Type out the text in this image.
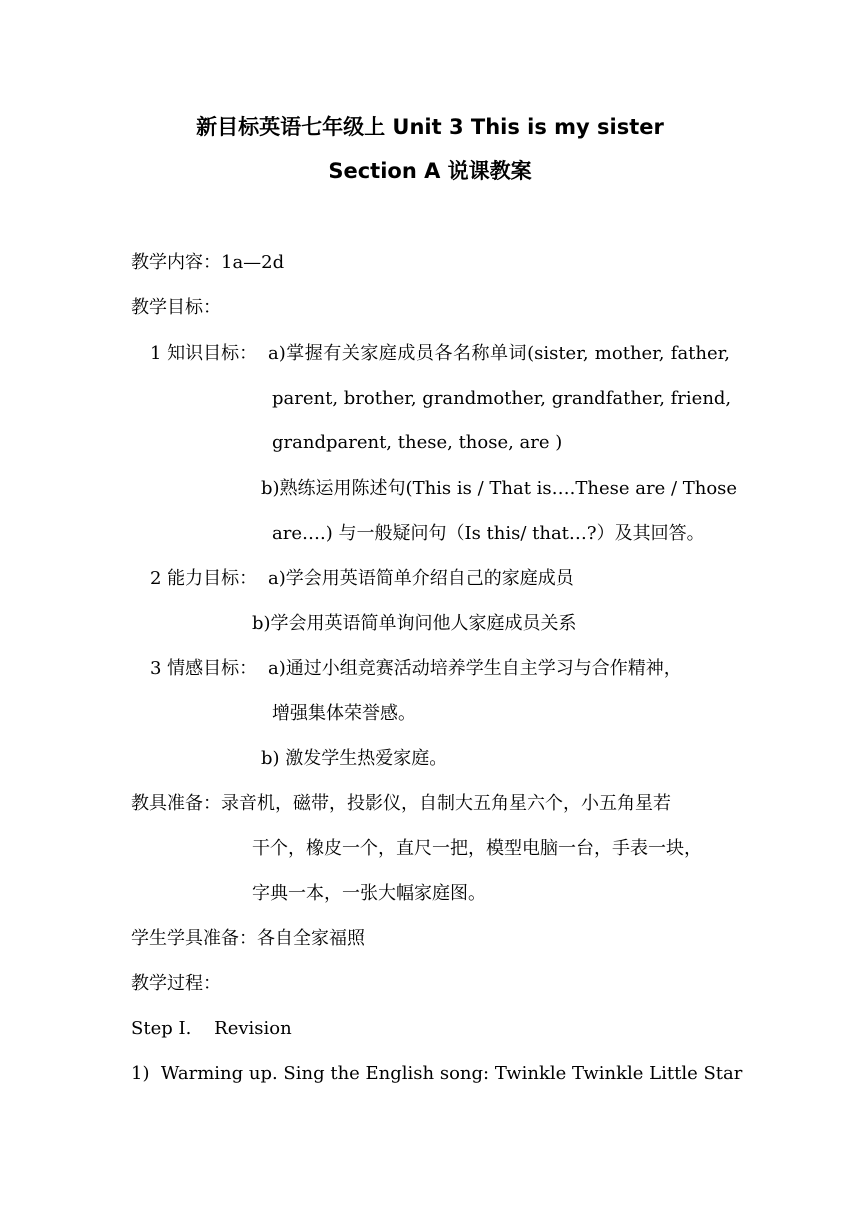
新目标英语七年级上 Unit 3 This is my sister
Section A 说课教案

教学内容：1a—2d

教学目标：

1 知识目标： a)掌握有关家庭成员各名称单词(sister, mother, father,

parent, brother, grandmother, grandfather, friend,

grandparent, these, those, are )

b)熟练运用陈述句(This is / That is….These are / Those

are….) 与一般疑问句（Is this/ that…?）及其回答。

2 能力目标： a)学会用英语简单介绍自己的家庭成员

b)学会用英语简单询问他人家庭成员关系

3 情感目标： a)通过小组竞赛活动培养学生自主学习与合作精神，

增强集体荣誉感。

b) 激发学生热爱家庭。

教具准备：录音机，磁带，投影仪，自制大五角星六个，小五角星若

干个，橡皮一个，直尺一把，模型电脑一台，手表一块，

字典一本，一张大幅家庭图。

学生学具准备：各自全家福照

教学过程：

Step I.    Revision

1)  Warming up. Sing the English song: Twinkle Twinkle Little Star
